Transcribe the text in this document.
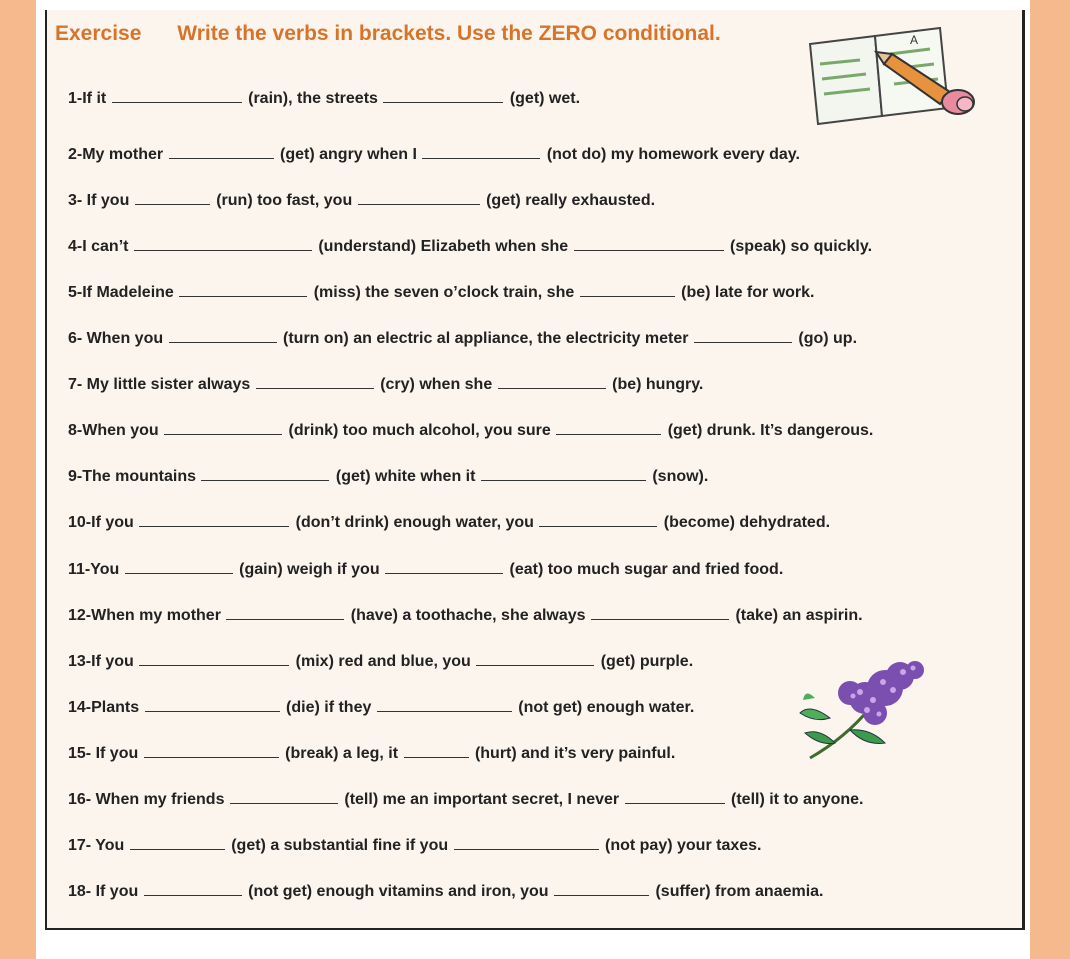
Exercise Write the verbs in brackets. Use the ZERO conditional.
1-If it	(rain), the streets	(get) wet.
2-My mother	(get) angry when I	(not do) my homework every day.
3- If you	(run) too fast, you	(get) really exhausted.
4-I can’t	(understand) Elizabeth when she	(speak) so quickly.
5-If Madeleine	(miss) the seven o’clock train, she	(be) late for work.
6- When you	(turn on) an electric al appliance, the electricity meter	(go) up.
7- My little sister always	(cry) when she	(be) hungry.
8-When you	(drink) too much alcohol, you sure	(get) drunk. It’s dangerous.
9-The mountains	(get) white when it	(snow).
10-If you	(don’t drink) enough water, you	(become) dehydrated.
11-You	(gain) weigh if you	(eat) too much sugar and fried food.
12-When my mother	(have) a toothache, she always	(take) an aspirin.
13-If you	(mix) red and blue, you	(get) purple.
14-Plants	(die) if they	(not get) enough water.
15- If you	(break) a leg, it	(hurt) and it’s very painful.
16- When my friends	(tell) me an important secret, I never	(tell) it to anyone.
17- You	(get) a substantial fine if you	(not pay) your taxes.
18- If you	(not get) enough vitamins and iron, you	(suffer) from anaemia.
A
